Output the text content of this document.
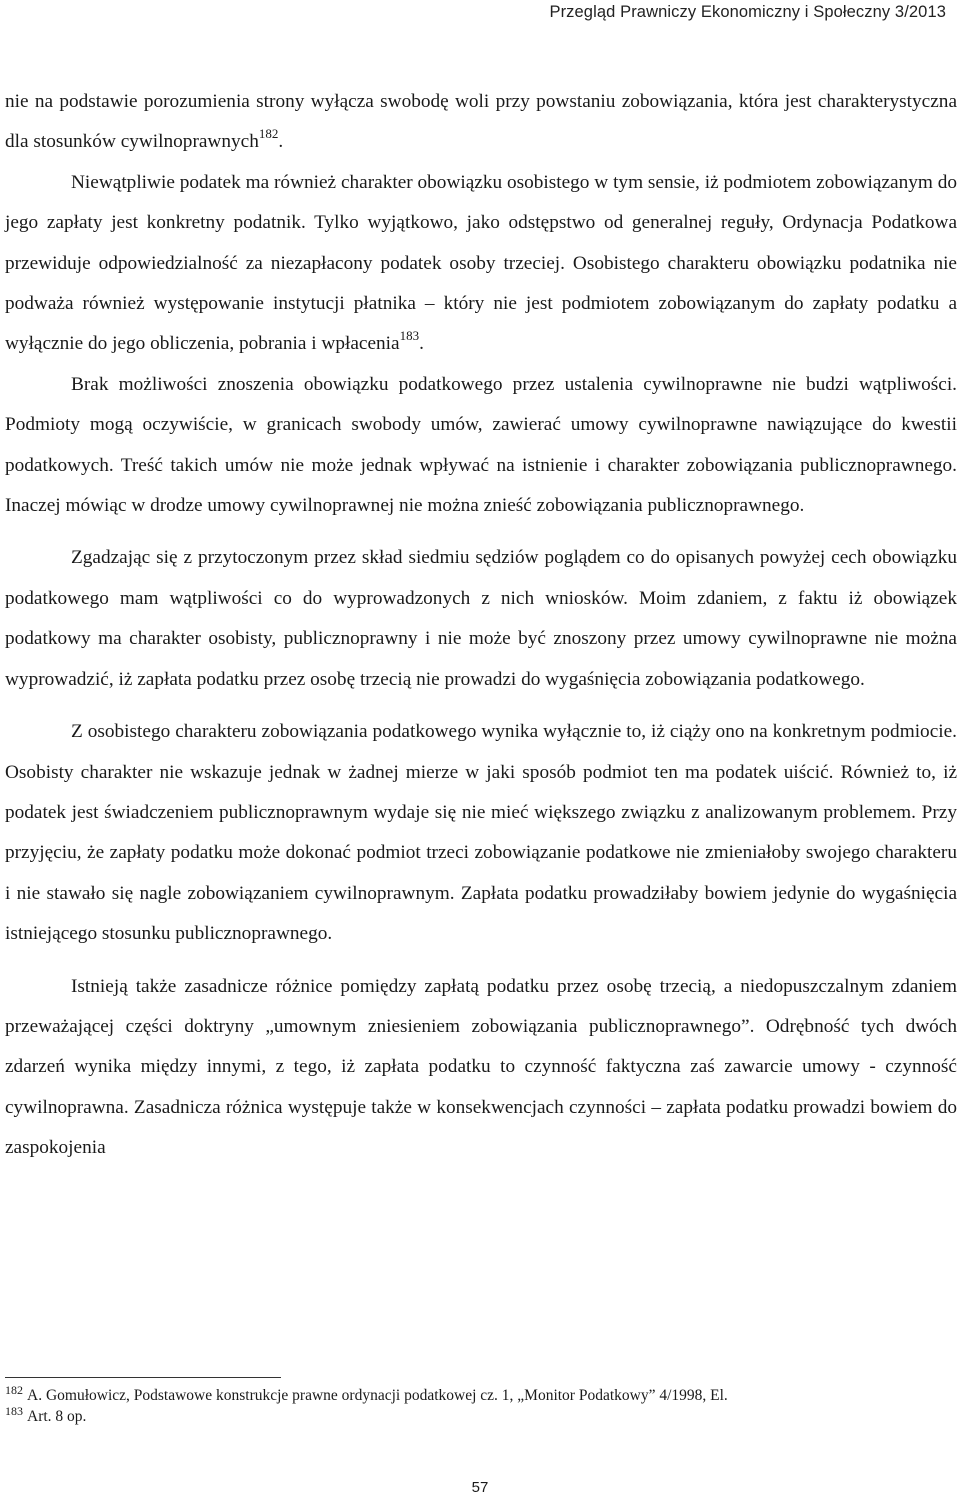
Przegląd Prawniczy Ekonomiczny i Społeczny 3/2013

nie na podstawie porozumienia strony wyłącza swobodę woli przy powstaniu zobowiązania, która jest charakterystyczna dla stosunków cywilnoprawnych$^{182}$.

Niewątpliwie podatek ma również charakter obowiązku osobistego w tym sensie, iż podmiotem zobowiązanym do jego zapłaty jest konkretny podatnik. Tylko wyjątkowo, jako odstępstwo od generalnej reguły, Ordynacja Podatkowa przewiduje odpowiedzialność za niezapłacony podatek osoby trzeciej. Osobistego charakteru obowiązku podatnika nie podważa również występowanie instytucji płatnika – który nie jest podmiotem zobowiązanym do zapłaty podatku a wyłącznie do jego obliczenia, pobrania i wpłacenia$^{183}$.

Brak możliwości znoszenia obowiązku podatkowego przez ustalenia cywilnoprawne nie budzi wątpliwości. Podmioty mogą oczywiście, w granicach swobody umów, zawierać umowy cywilnoprawne nawiązujące do kwestii podatkowych. Treść takich umów nie może jednak wpływać na istnienie i charakter zobowiązania publicznoprawnego. Inaczej mówiąc w drodze umowy cywilnoprawnej nie można znieść zobowiązania publicznoprawnego.

Zgadzając się z przytoczonym przez skład siedmiu sędziów poglądem co do opisanych powyżej cech obowiązku podatkowego mam wątpliwości co do wyprowadzonych z nich wniosków. Moim zdaniem, z faktu iż obowiązek podatkowy ma charakter osobisty, publicznoprawny i nie może być znoszony przez umowy cywilnoprawne nie można wyprowadzić, iż zapłata podatku przez osobę trzecią nie prowadzi do wygaśnięcia zobowiązania podatkowego.

Z osobistego charakteru zobowiązania podatkowego wynika wyłącznie to, iż ciąży ono na konkretnym podmiocie. Osobisty charakter nie wskazuje jednak w żadnej mierze w jaki sposób podmiot ten ma podatek uiścić. Również to, iż podatek jest świadczeniem publicznoprawnym wydaje się nie mieć większego związku z analizowanym problemem. Przy przyjęciu, że zapłaty podatku może dokonać podmiot trzeci zobowiązanie podatkowe nie zmieniałoby swojego charakteru i nie stawało się nagle zobowiązaniem cywilnoprawnym. Zapłata podatku prowadziłaby bowiem jedynie do wygaśnięcia istniejącego stosunku publicznoprawnego.

Istnieją także zasadnicze różnice pomiędzy zapłatą podatku przez osobę trzecią, a niedopuszczalnym zdaniem przeważającej części doktryny „umownym zniesieniem zobowiązania publicznoprawnego”. Odrębność tych dwóch zdarzeń wynika między innymi, z tego, iż zapłata podatku to czynność faktyczna zaś zawarcie umowy - czynność cywilnoprawna. Zasadnicza różnica występuje także w konsekwencjach czynności – zapłata podatku prowadzi bowiem do zaspokojenia

$^{182}$ A. Gomułowicz, Podstawowe konstrukcje prawne ordynacji podatkowej cz. 1, „Monitor Podatkowy” 4/1998, El.
$^{183}$ Art. 8 op.
57
